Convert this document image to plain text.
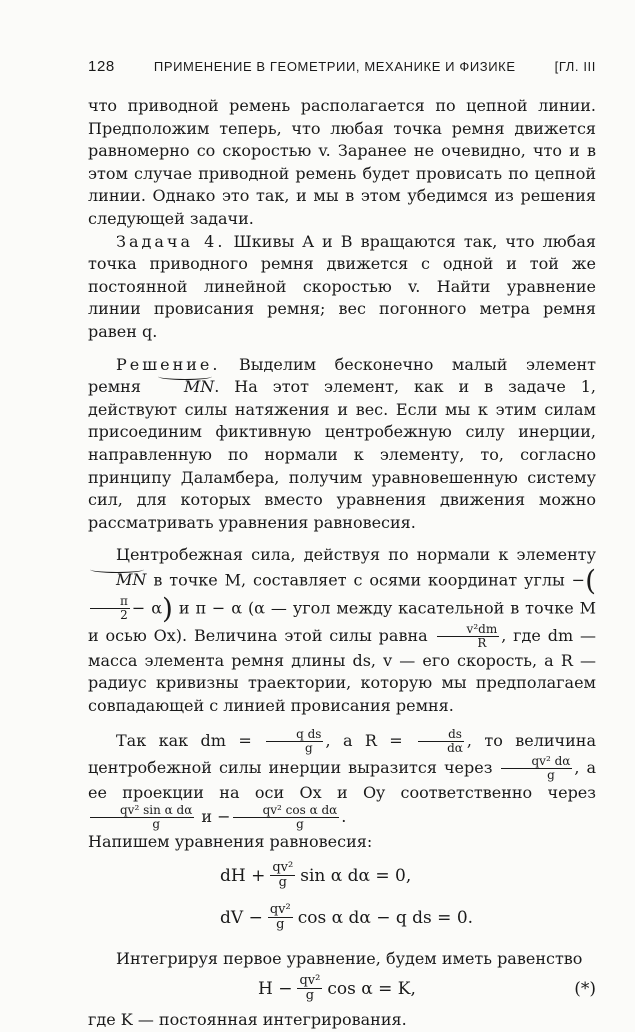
128	ПРИМЕНЕНИЕ В ГЕОМЕТРИИ, МЕХАНИКЕ И ФИЗИКЕ	[ГЛ. III

что приводной ремень располагается по цепной линии. Предположим теперь, что любая точка ремня движется равномерно со скоростью v. Заранее не очевидно, что и в этом случае приводной ремень будет провисать по цепной линии. Однако это так, и мы в этом убедимся из решения следующей задачи.

Задача 4. Шкивы A и B вращаются так, что любая точка приводного ремня движется с одной и той же постоянной линейной скоростью v. Найти уравнение линии провисания ремня; вес погонного метра ремня равен q.

Решение. Выделим бесконечно малый элемент ремня	MN. На этот элемент, как и в задаче 1, действуют силы натяжения и вес. Если мы к этим силам присоединим фиктивную центробежную силу инерции, направленную по нормали к элементу, то, согласно принципу Даламбера, получим уравновешенную систему сил, для которых вместо уравнения движения можно рассматривать уравнения равновесия.

Центробежная сила, действуя по нормали к элементу MN в точке M, составляет с осями координат углы −(
$\frac{\pi}{2} - \alpha$) и π − α (α — угол между касательной в точке M и осью Ox). Величина этой силы равна $\frac{\text{v²dm}}{R}$ , где dm — масса элемента ремня длины ds, v — его скорость, a R — радиус кривизны траектории, которую мы предполагаем совпадающей с линией провисания ремня.

Так как dm = $\frac{\text{q ds}}{g}$ , а $R = \frac{ds}{d\alpha}$ , то величина центробежной силы инерции выразится через $\frac{\text{qv² dα}}{g}$ , а ее проекции на оси Ox и Oy соответственно через
$\frac{\text{qv² sin α dα}}{g}$ $и - \frac{\text{qv² cos α dα}}{g}$ .

Напишем уравнения равновесия:

dH + $\frac{\text{qv²}}{g}$ sin α dα = 0,
dV − $\frac{\text{qv²}}{g}$ cos α dα − q ds = 0.

Интегрируя первое уравнение, будем иметь равенство

$H - \frac{\text{qv²}}{g}$ cos α = K,	(*)

где K — постоянная интегрирования.
